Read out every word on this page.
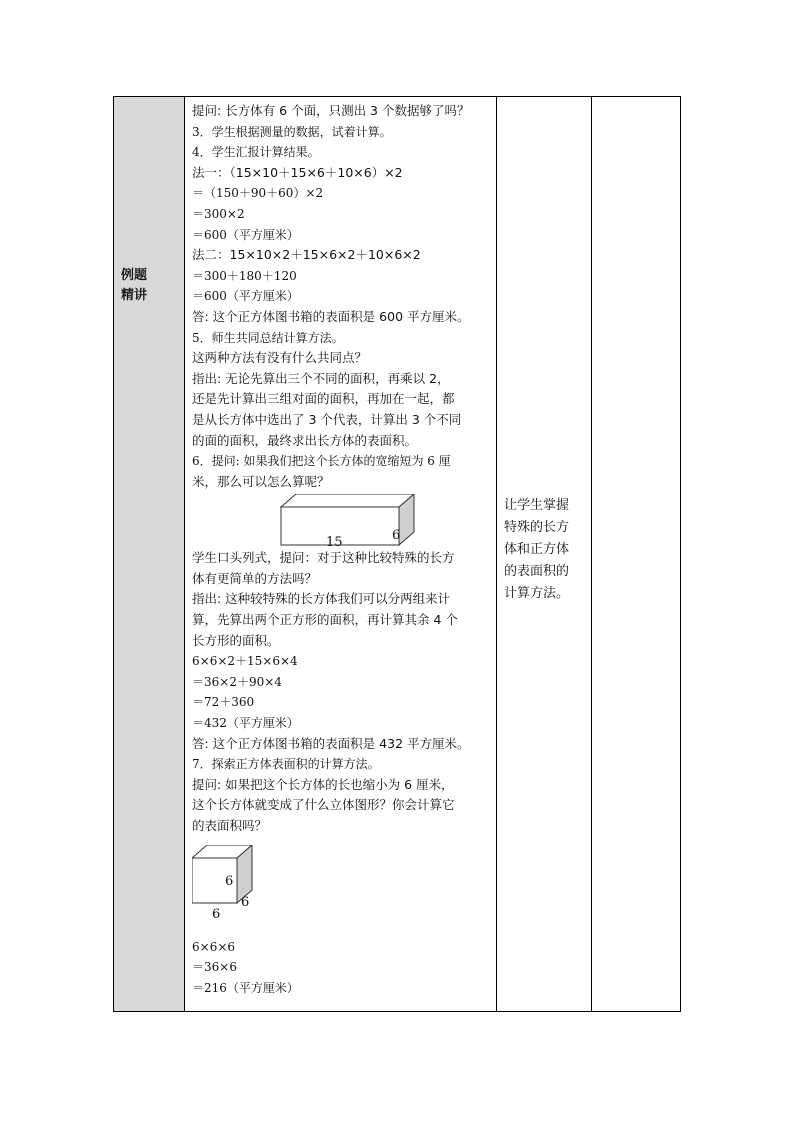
例题
精讲
提问: 长方体有 6 个面，只测出 3 个数据够了吗？
3．学生根据测量的数据，试着计算。
4．学生汇报计算结果。
法一：（15×10＋15×6＋10×6）×2
＝（150＋90＋60）×2
＝300×2
＝600（平方厘米）
法二：15×10×2＋15×6×2＋10×6×2
＝300＋180＋120
＝600（平方厘米）
答: 这个正方体图书箱的表面积是 600 平方厘米。
5．师生共同总结计算方法。
这两种方法有没有什么共同点？
指出: 无论先算出三个不同的面积，再乘以 2，
还是先计算出三组对面的面积，再加在一起，都
是从长方体中选出了 3 个代表，计算出 3 个不同
的面的面积，最终求出长方体的表面积。
6．提问: 如果我们把这个长方体的宽缩短为 6 厘
米，那么可以怎么算呢？
15	6
学生口头列式，提问：对于这种比较特殊的长方
体有更简单的方法吗？
指出: 这种较特殊的长方体我们可以分两组来计
算，先算出两个正方形的面积，再计算其余 4 个
长方形的面积。
6×6×2＋15×6×4
＝36×2＋90×4
＝72＋360
＝432（平方厘米）
答: 这个正方体图书箱的表面积是 432 平方厘米。
7．探索正方体表面积的计算方法。
提问: 如果把这个长方体的长也缩小为 6 厘米，
这个长方体就变成了什么立体图形？你会计算它
的表面积吗？
6
6
6
6×6×6
＝36×6
＝216（平方厘米）
让学生掌握
特殊的长方
体和正方体
的表面积的
计算方法。
